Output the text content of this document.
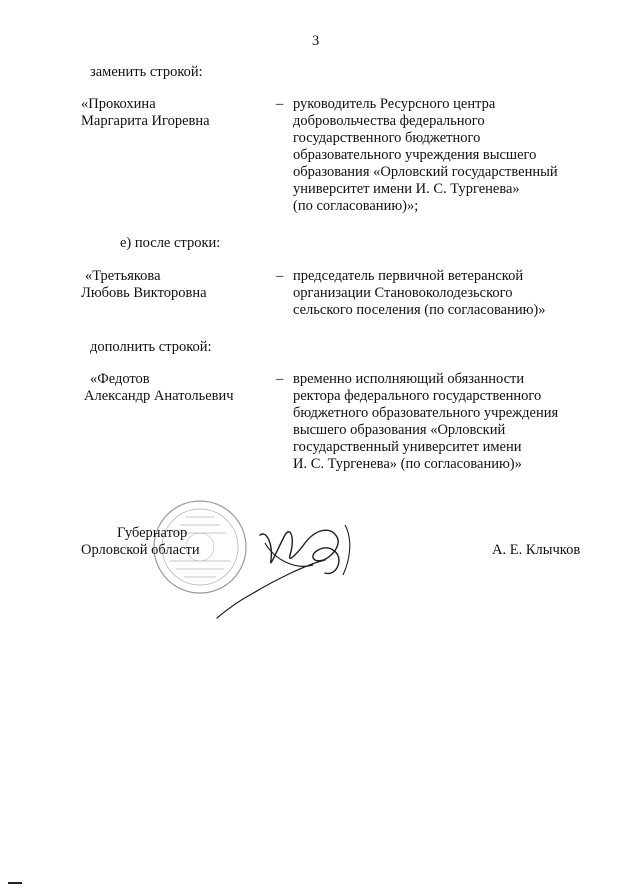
3
заменить строкой:
«Прокохина
Маргарита Игоревна
– руководитель Ресурсного центра
добровольчества федерального
государственного бюджетного
образовательного учреждения высшего
образования «Орловский государственный
университет имени И. С. Тургенева»
(по согласованию)»;
е) после строки:
«Третьякова
Любовь Викторовна
– председатель первичной ветеранской
организации Становоколодезьского
сельского поселения (по согласованию)»
дополнить строкой:
«Федотов
Александр Анатольевич
– временно исполняющий обязанности
ректора федерального государственного
бюджетного образовательного учреждения
высшего образования «Орловский
государственный университет имени
И. С. Тургенева» (по согласованию)»
Губернатор
Орловской области	А. Е. Клычков
